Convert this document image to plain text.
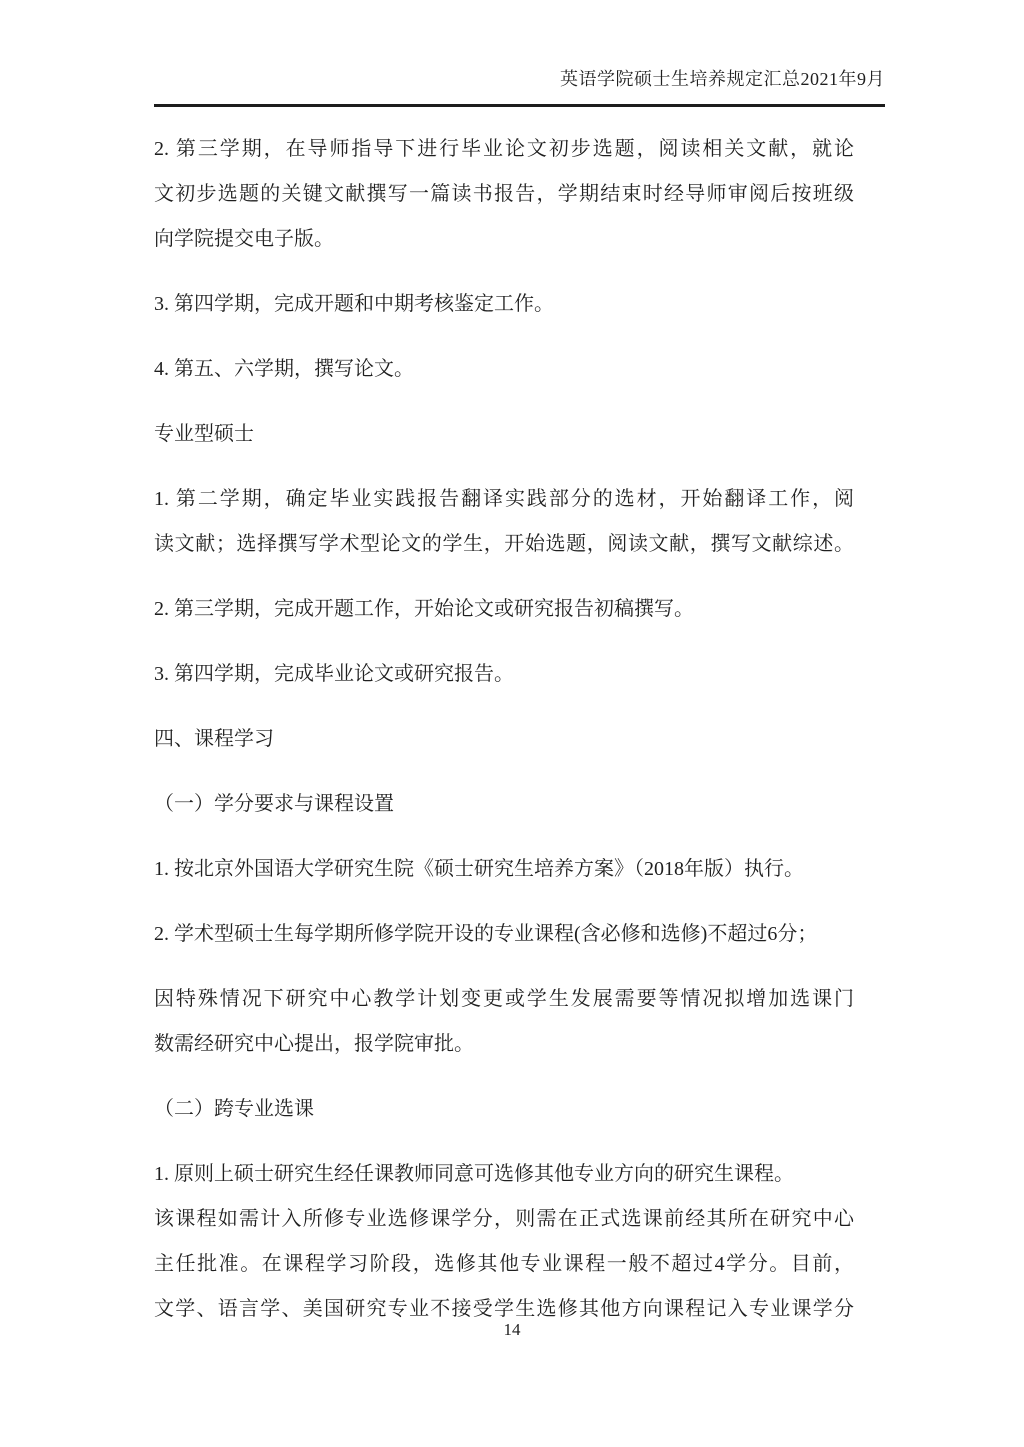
英语学院硕士生培养规定汇总2021年9月
2. 第三学期，在导师指导下进行毕业论文初步选题，阅读相关文献，就论
文初步选题的关键文献撰写一篇读书报告，学期结束时经导师审阅后按班级
向学院提交电子版。
3. 第四学期，完成开题和中期考核鉴定工作。
4. 第五、六学期，撰写论文。
专业型硕士
1. 第二学期，确定毕业实践报告翻译实践部分的选材，开始翻译工作，阅
读文献；选择撰写学术型论文的学生，开始选题，阅读文献，撰写文献综述。
2. 第三学期，完成开题工作，开始论文或研究报告初稿撰写。
3. 第四学期，完成毕业论文或研究报告。
四、课程学习
（一）学分要求与课程设置
1. 按北京外国语大学研究生院《硕士研究生培养方案》（2018年版）执行。
2. 学术型硕士生每学期所修学院开设的专业课程(含必修和选修)不超过6分；
因特殊情况下研究中心教学计划变更或学生发展需要等情况拟增加选课门
数需经研究中心提出，报学院审批。
（二）跨专业选课
1. 原则上硕士研究生经任课教师同意可选修其他专业方向的研究生课程。
该课程如需计入所修专业选修课学分，则需在正式选课前经其所在研究中心
主任批准。在课程学习阶段，选修其他专业课程一般不超过4学分。目前，
文学、语言学、美国研究专业不接受学生选修其他方向课程记入专业课学分
14
